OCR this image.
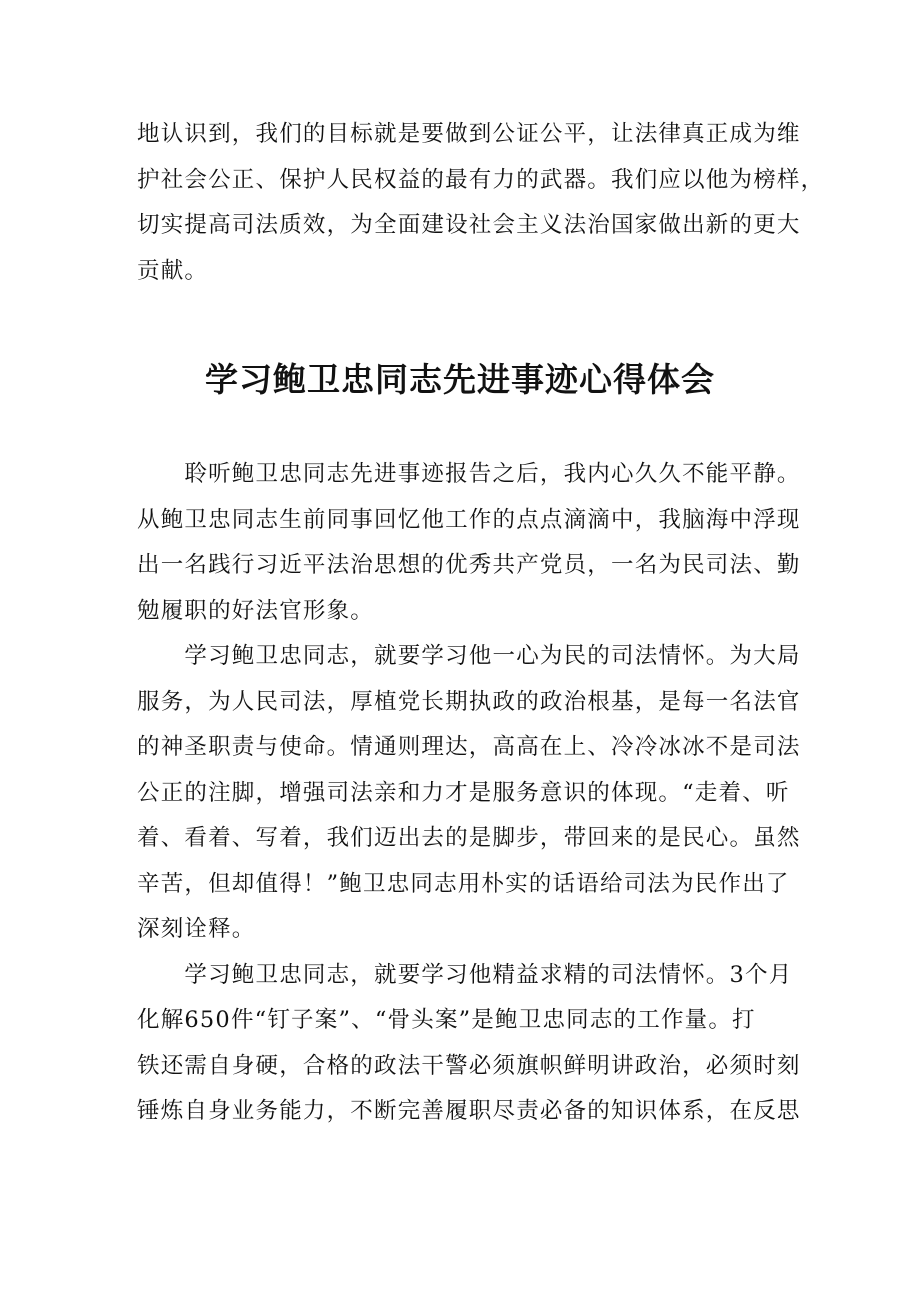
地认识到，我们的目标就是要做到公证公平，让法律真正成为维
护社会公正、保护人民权益的最有力的武器。我们应以他为榜样，
切实提高司法质效，为全面建设社会主义法治国家做出新的更大
贡献。
学习鲍卫忠同志先进事迹心得体会
　　聆听鲍卫忠同志先进事迹报告之后，我内心久久不能平静。
从鲍卫忠同志生前同事回忆他工作的点点滴滴中，我脑海中浮现
出一名践行习近平法治思想的优秀共产党员，一名为民司法、勤
勉履职的好法官形象。
　　学习鲍卫忠同志，就要学习他一心为民的司法情怀。为大局
服务，为人民司法，厚植党长期执政的政治根基，是每一名法官
的神圣职责与使命。情通则理达，高高在上、冷冷冰冰不是司法
公正的注脚，增强司法亲和力才是服务意识的体现。“走着、听
着、看着、写着，我们迈出去的是脚步，带回来的是民心。虽然
辛苦，但却值得！”鲍卫忠同志用朴实的话语给司法为民作出了
深刻诠释。
　　学习鲍卫忠同志，就要学习他精益求精的司法情怀。3个月
化解650件“钉子案”、“骨头案”是鲍卫忠同志的工作量。打
铁还需自身硬，合格的政法干警必须旗帜鲜明讲政治，必须时刻
锤炼自身业务能力，不断完善履职尽责必备的知识体系，在反思
